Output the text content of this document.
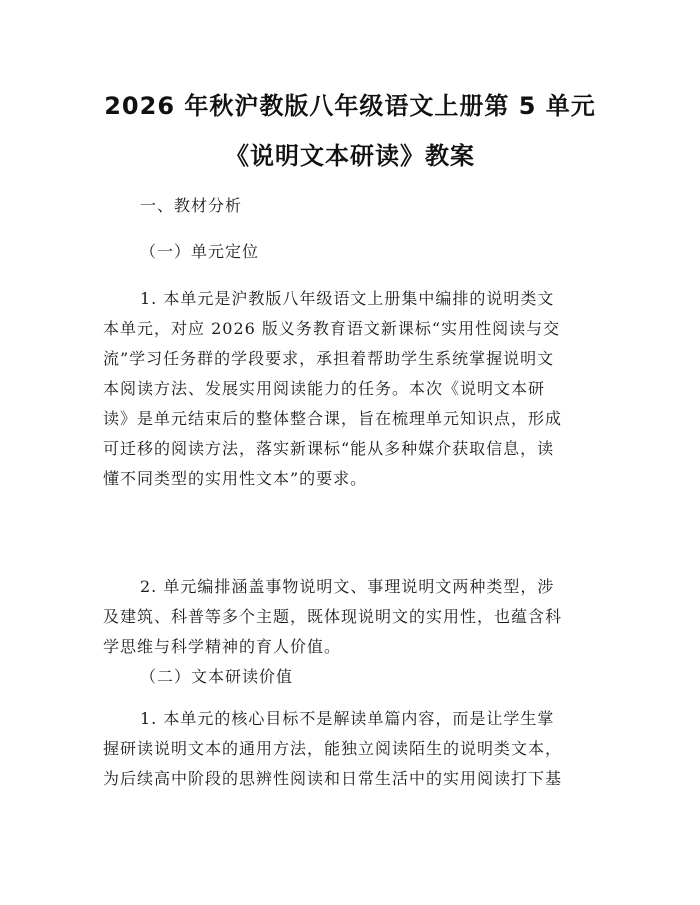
2026 年秋沪教版八年级语文上册第 5 单元
《说明文本研读》教案
一、教材分析
（一）单元定位
1. 本单元是沪教版八年级语文上册集中编排的说明类文
本单元，对应 2026 版义务教育语文新课标“实用性阅读与交
流”学习任务群的学段要求，承担着帮助学生系统掌握说明文
本阅读方法、发展实用阅读能力的任务。本次《说明文本研
读》是单元结束后的整体整合课，旨在梳理单元知识点，形成
可迁移的阅读方法，落实新课标“能从多种媒介获取信息，读
懂不同类型的实用性文本”的要求。
2. 单元编排涵盖事物说明文、事理说明文两种类型，涉
及建筑、科普等多个主题，既体现说明文的实用性，也蕴含科
学思维与科学精神的育人价值。
（二）文本研读价值
1. 本单元的核心目标不是解读单篇内容，而是让学生掌
握研读说明文本的通用方法，能独立阅读陌生的说明类文本，
为后续高中阶段的思辨性阅读和日常生活中的实用阅读打下基
